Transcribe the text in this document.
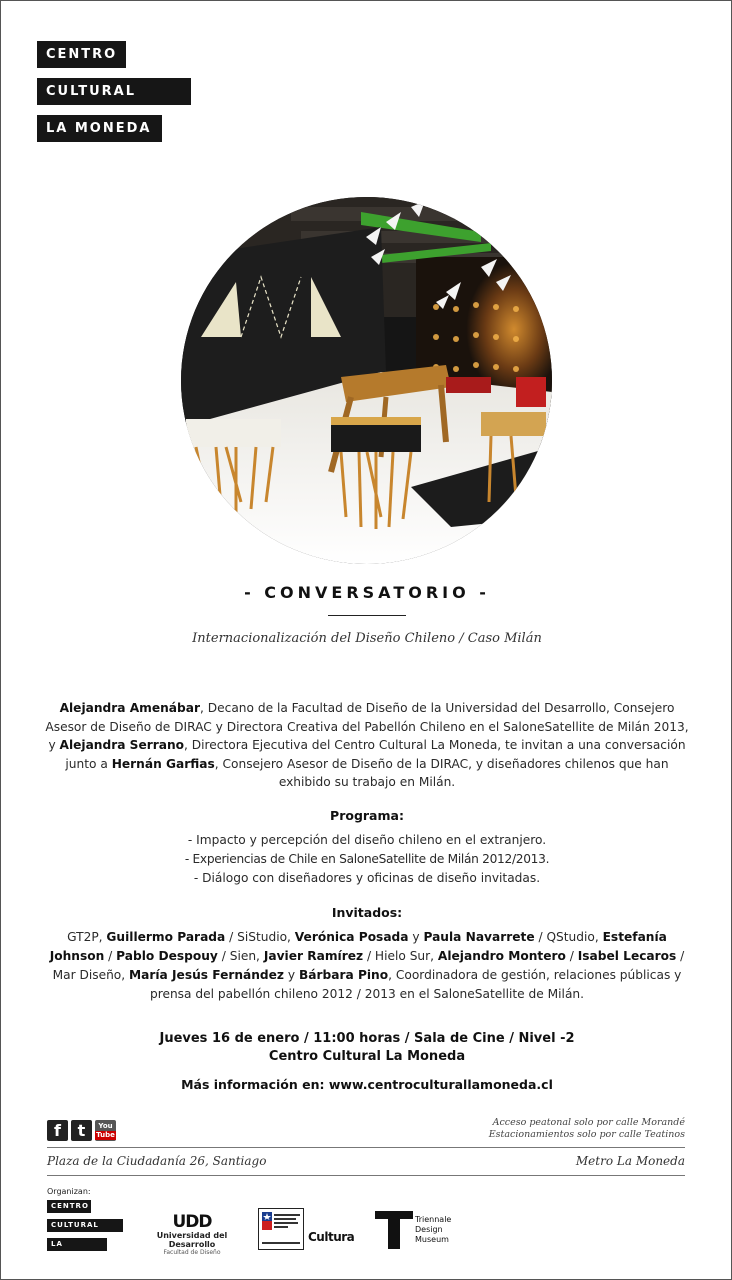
CENTRO
CULTURAL
LA MONEDA
- CONVERSATORIO -
Internacionalización del Diseño Chileno / Caso Milán
Alejandra Amenábar, Decano de la Facultad de Diseño de la Universidad del Desarrollo, Consejero Asesor de Diseño de DIRAC y Directora Creativa del Pabellón Chileno en el SaloneSatellite de Milán 2013, y Alejandra Serrano, Directora Ejecutiva del Centro Cultural La Moneda, te invitan a una conversación junto a Hernán Garfias, Consejero Asesor de Diseño de la DIRAC, y diseñadores chilenos que han exhibido su trabajo en Milán.
Programa:
- Impacto y percepción del diseño chileno en el extranjero.
- Experiencias de Chile en SaloneSatellite de Milán 2012/2013.
- Diálogo con diseñadores y oficinas de diseño invitadas.
Invitados:
GT2P, Guillermo Parada / SiStudio, Verónica Posada y Paula Navarrete / QStudio, Estefanía Johnson / Pablo Despouy / Sien, Javier Ramírez / Hielo Sur, Alejandro Montero / Isabel Lecaros / Mar Diseño, María Jesús Fernández y Bárbara Pino, Coordinadora de gestión, relaciones públicas y prensa del pabellón chileno 2012 / 2013 en el SaloneSatellite de Milán.
Jueves 16 de enero / 11:00 horas / Sala de Cine / Nivel -2
Centro Cultural La Moneda
Más información en: www.centroculturallamoneda.cl
f	t	You
Tube
Acceso peatonal solo por calle Morandé
Estacionamientos solo por calle Teatinos
Plaza de la Ciudadanía 26, Santiago	Metro La Moneda
Organizan:
CENTRO
CULTURAL
LA MONEDA
UDD
Universidad del Desarrollo
Facultad de Diseño
Cultura
Triennale
Design
Museum
